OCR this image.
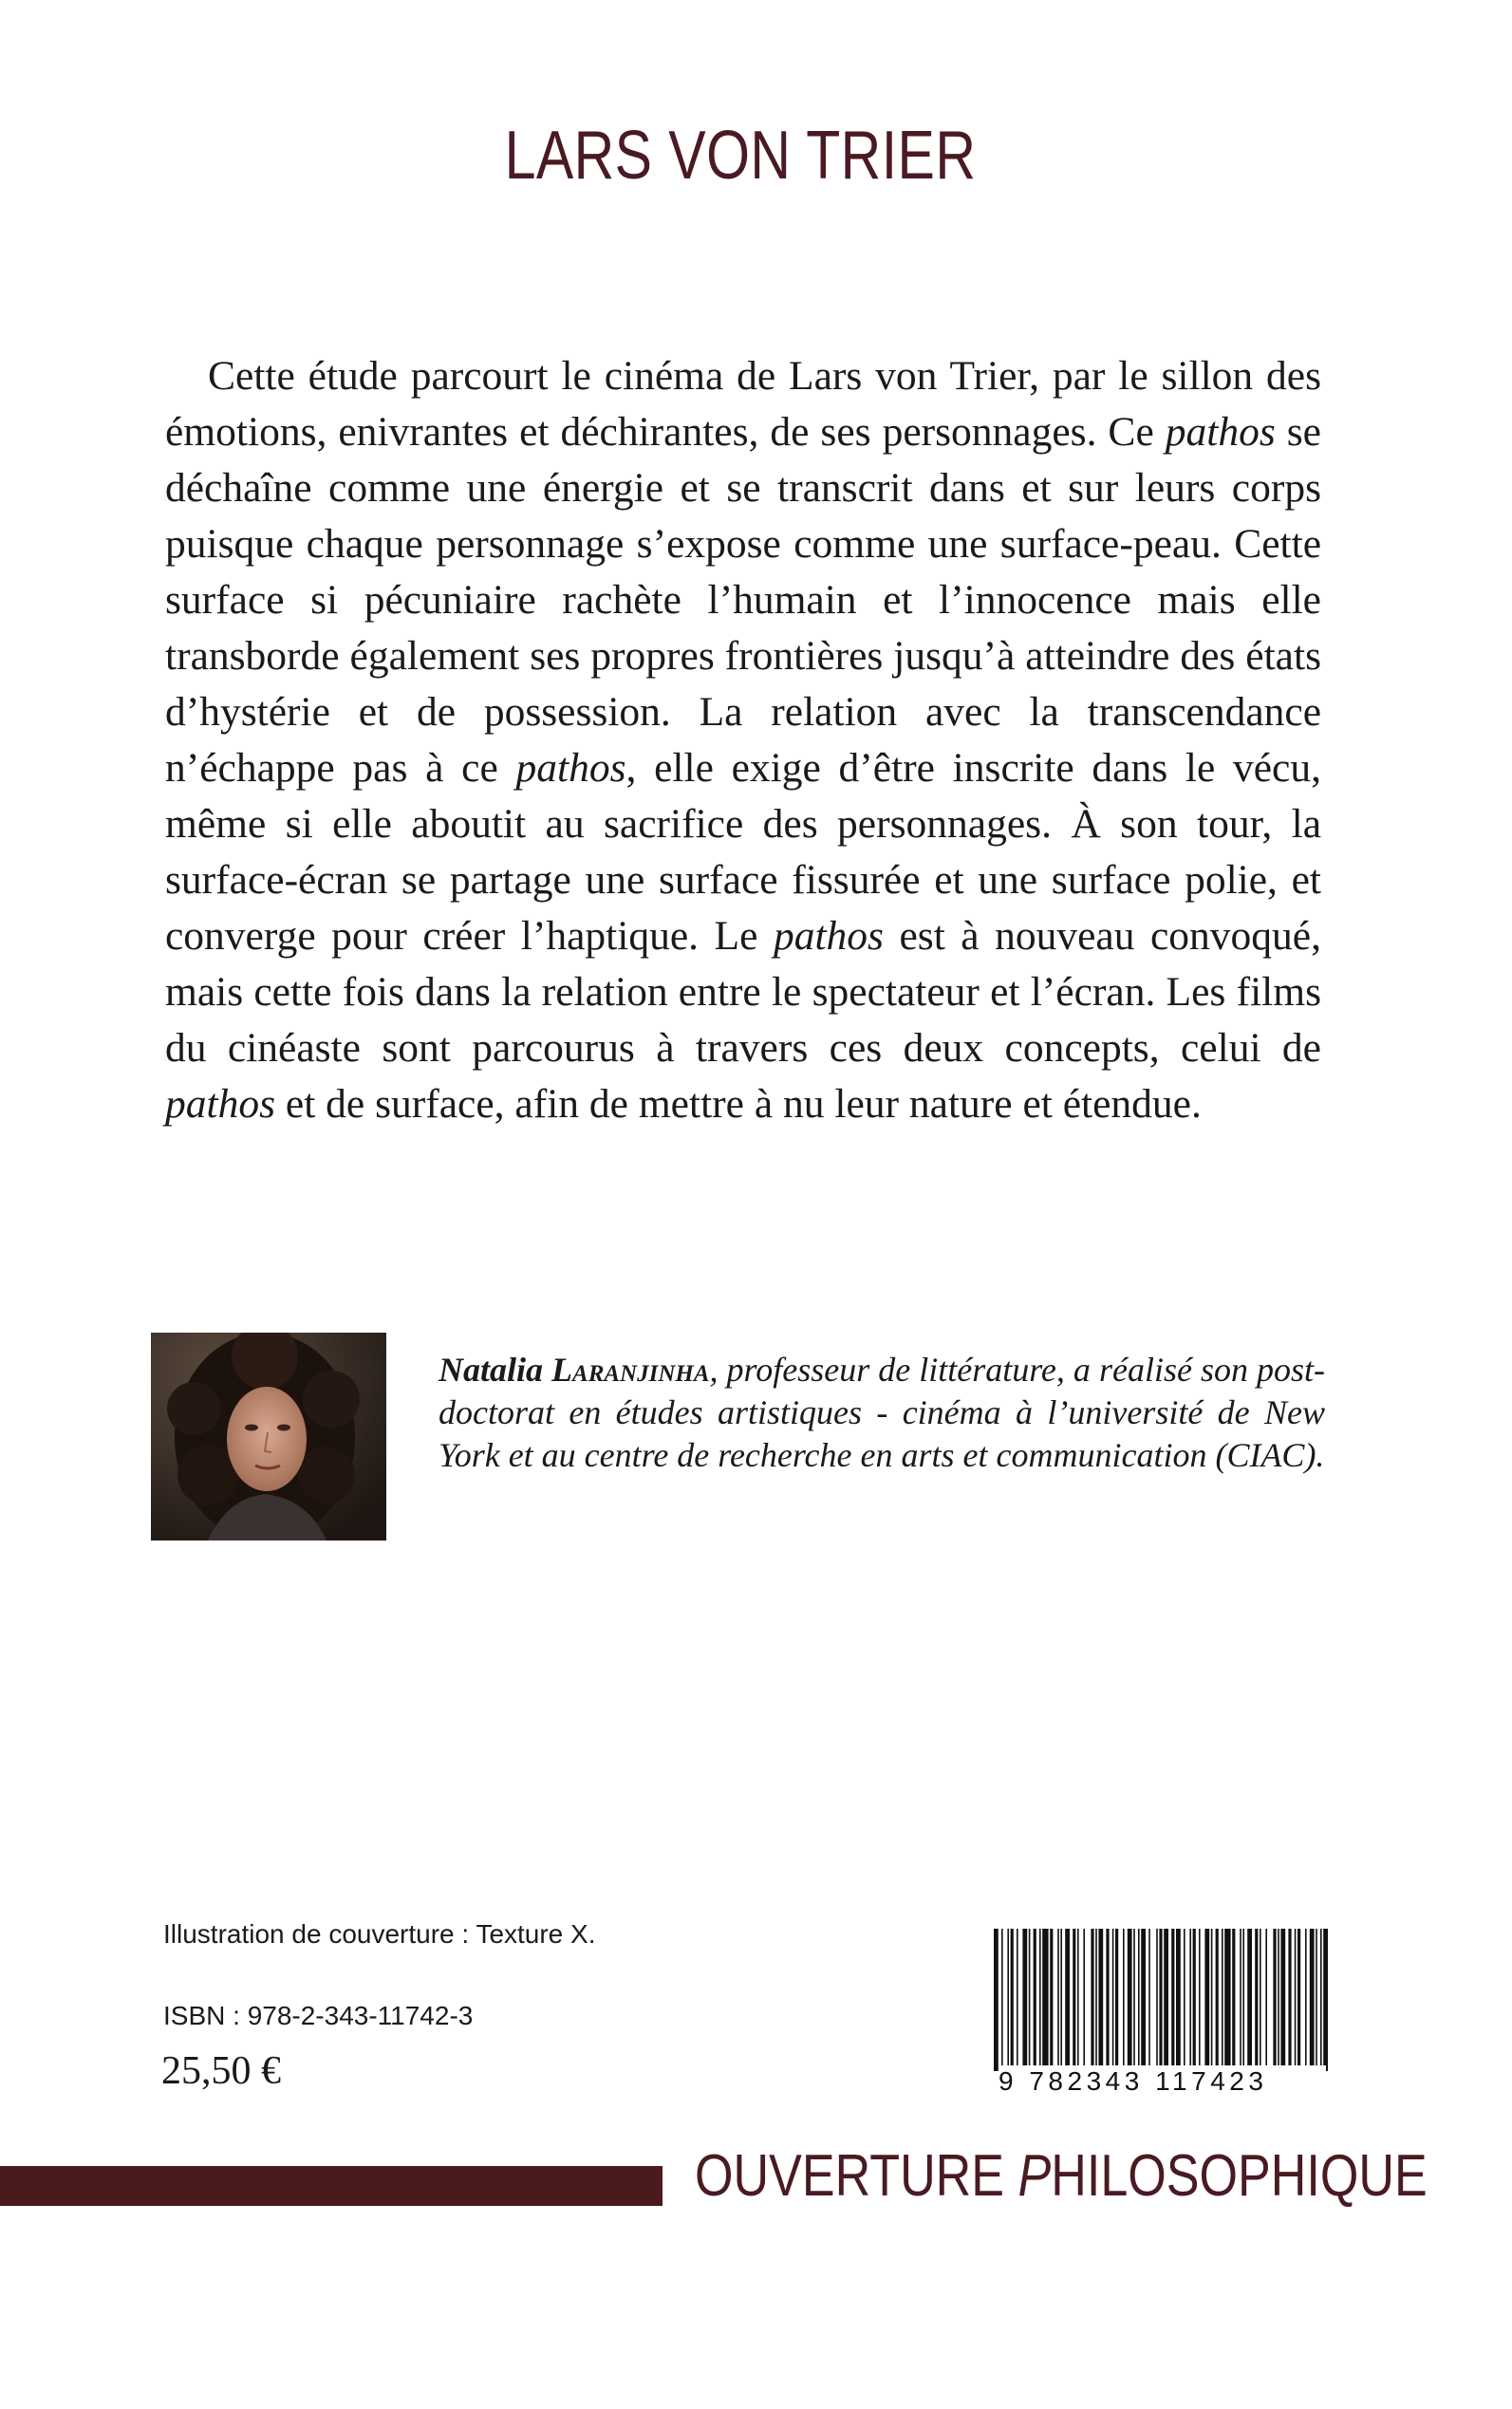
LARS VON TRIER

Cette étude parcourt le cinéma de Lars von Trier, par le sillon des émotions, enivrantes et déchirantes, de ses personnages. Ce pathos se déchaîne comme une énergie et se transcrit dans et sur leurs corps puisque chaque personnage s’expose comme une surface-peau. Cette surface si pécuniaire rachète l’humain et l’innocence mais elle transborde également ses propres frontières jusqu’à atteindre des états d’hystérie et de possession. La relation avec la transcendance n’échappe pas à ce pathos, elle exige d’être inscrite dans le vécu, même si elle aboutit au sacrifice des personnages. À son tour, la surface-écran se partage une surface fissurée et une surface polie, et converge pour créer l’haptique. Le pathos est à nouveau convoqué, mais cette fois dans la relation entre le spectateur et l’écran. Les films du cinéaste sont parcourus à travers ces deux concepts, celui de pathos et de surface, afin de mettre à nu leur nature et étendue.

Natalia Laranjinha, professeur de littérature, a réalisé son post-doctorat en études artistiques - cinéma à l’université de New York et au centre de recherche en arts et communication (CIAC).

Illustration de couverture : Texture X.
ISBN : 978-2-343-11742-3
25,50 €	9 782343 117423
OUVERTURE PHILOSOPHIQUE
